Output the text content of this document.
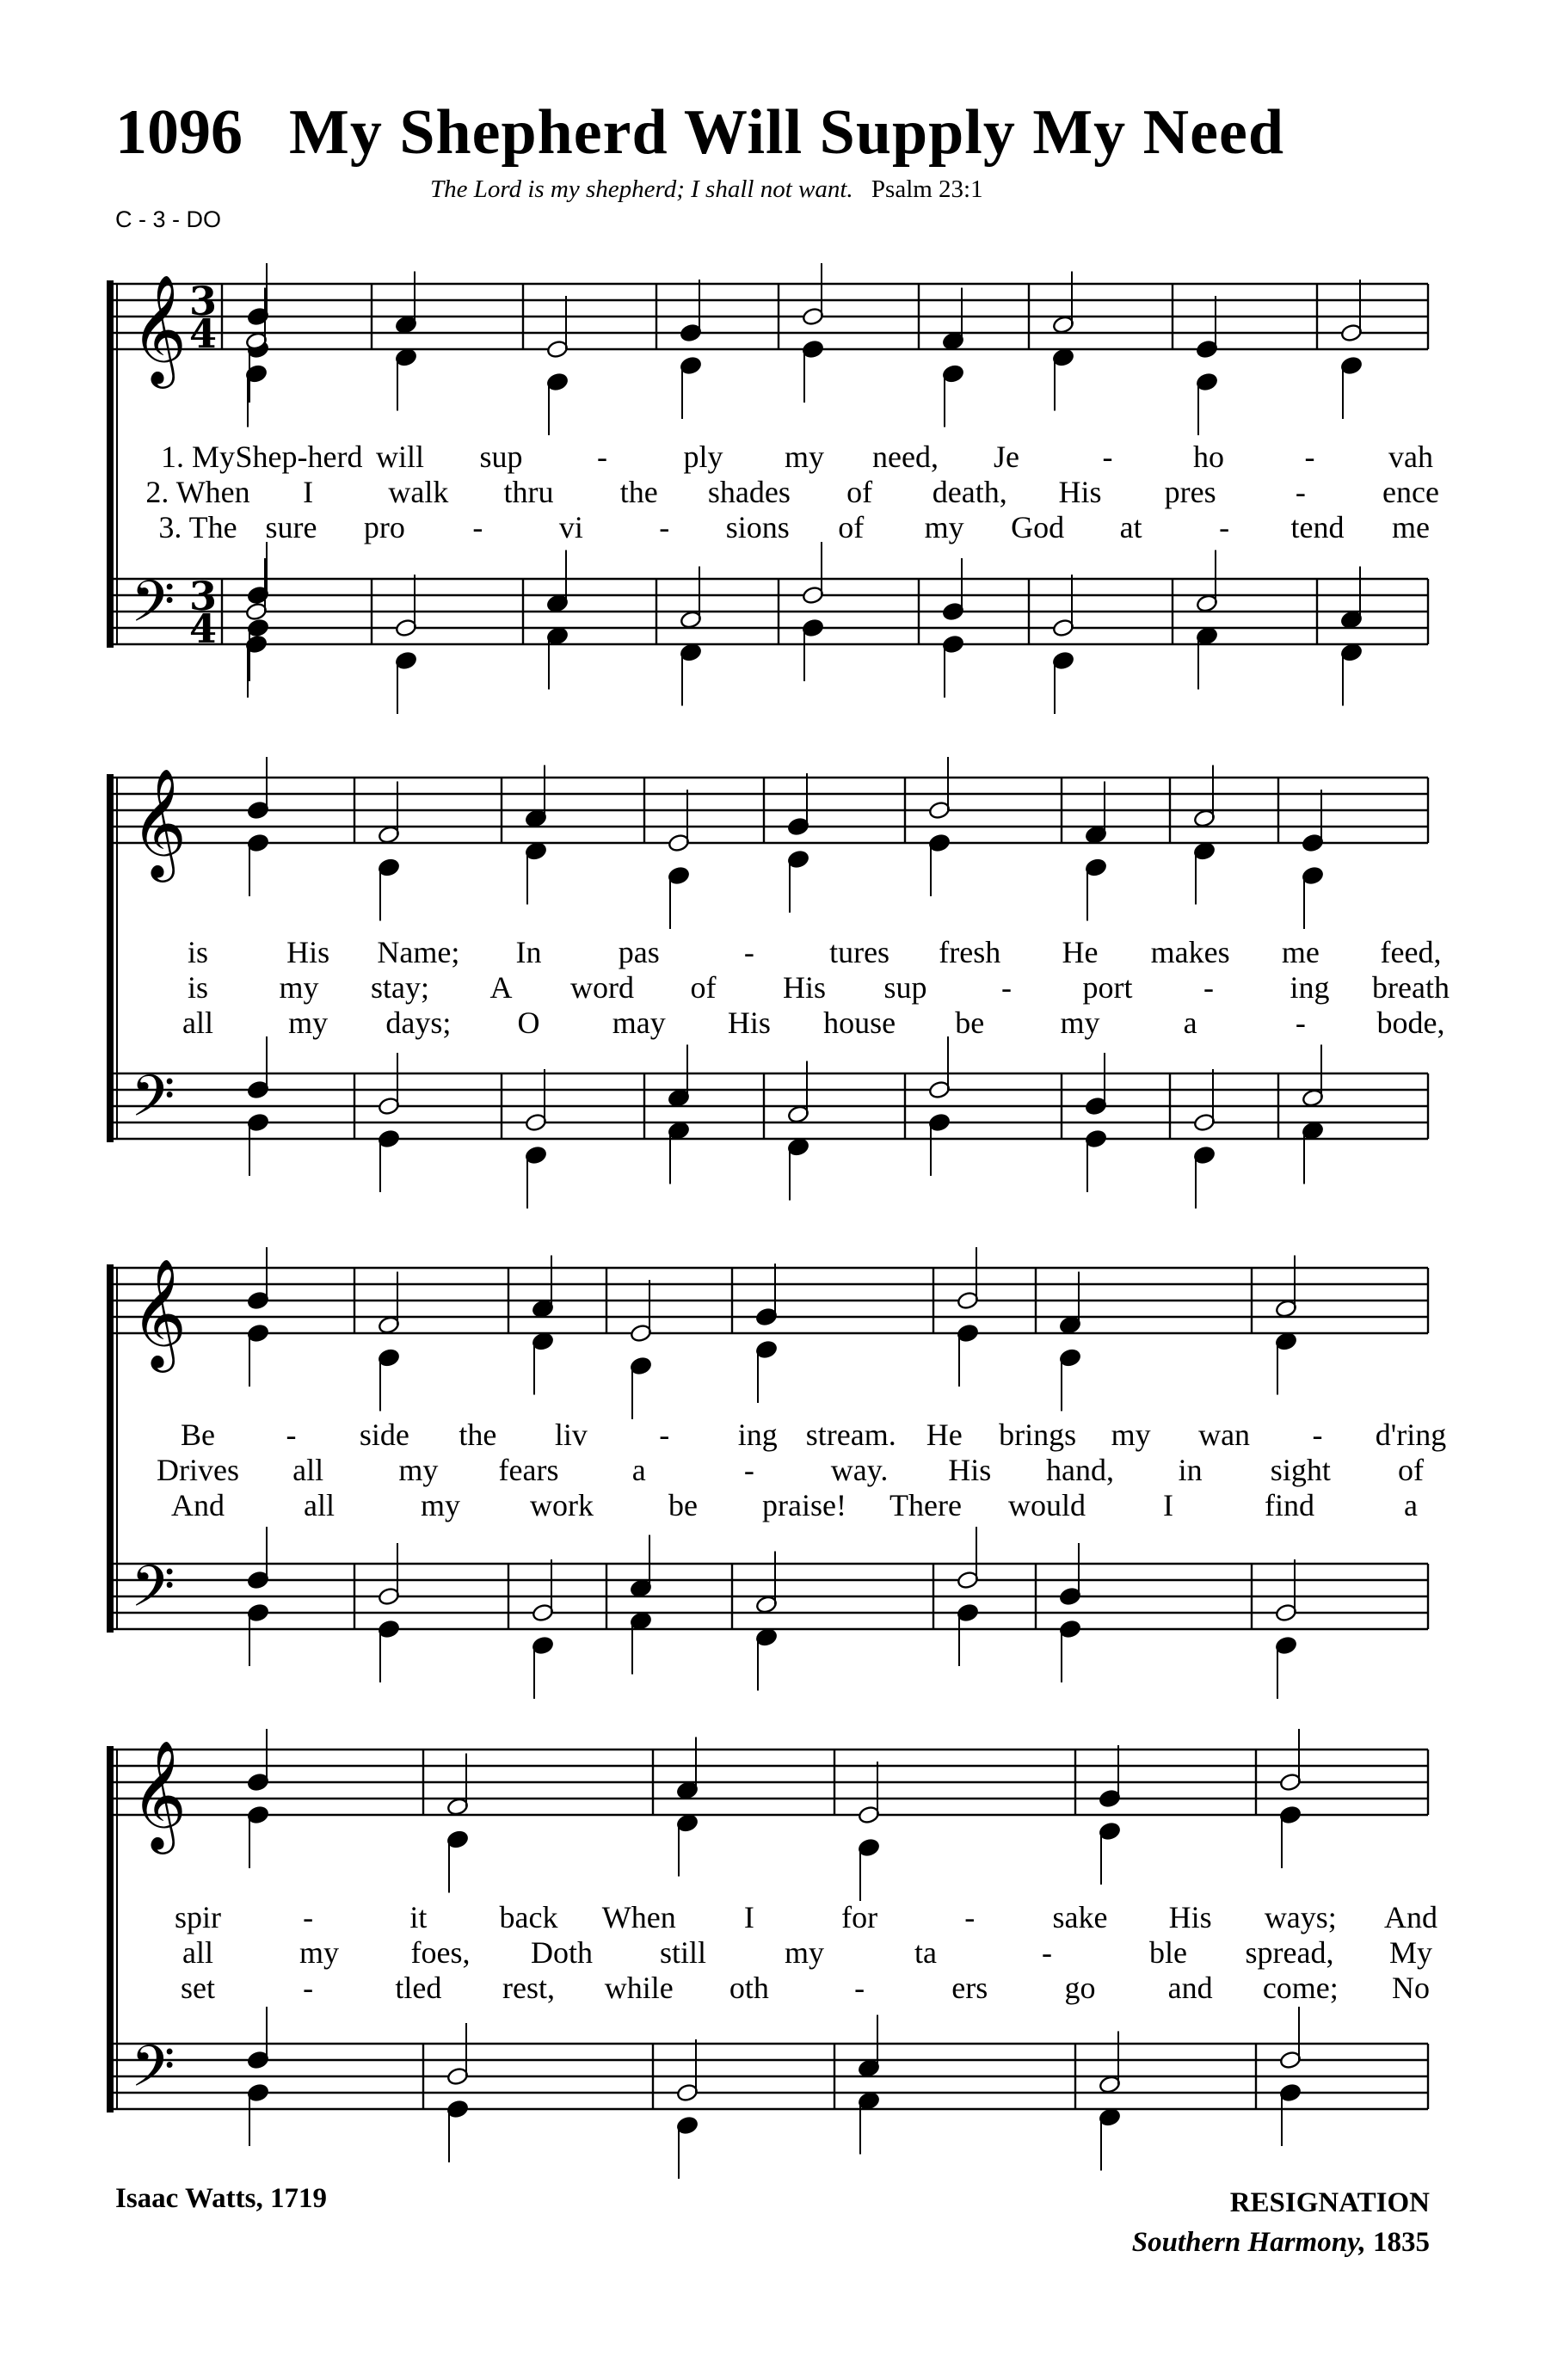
1096 My Shepherd Will Supply My Need
The Lord is my shepherd; I shall not want. Psalm 23:1
C - 3 - DO
𝄞
𝄢
3
4
3
4
𝄞
𝄢
𝄞
𝄢
𝄞
𝄢
1. My Shep-herd will sup - ply my need, Je	-	ho	- vah
is	His Name; In pas	- tures fresh He makes me feed,
Be - side the liv - ing stream. He brings my wan - d'ring
spir	-	it back When I	for	-	sake His ways; And
2. When I walk thru the shades of death, His pres	- ence
is my stay; A word of His sup - port - ing breath
Drives all my fears a	- way. His hand, in sight of
all	my foes, Doth still	my	ta	-	ble spread, My
3. The sure pro - vi - sions of my God at - tend me
all my days; O may His house be my	a	- bode,
And	all	my work be praise! There would	I	find	a
set	-	tled rest, while oth	-	ers go and come; No
Isaac Watts, 1719	RESIGNATION
Southern Harmony, 1835
